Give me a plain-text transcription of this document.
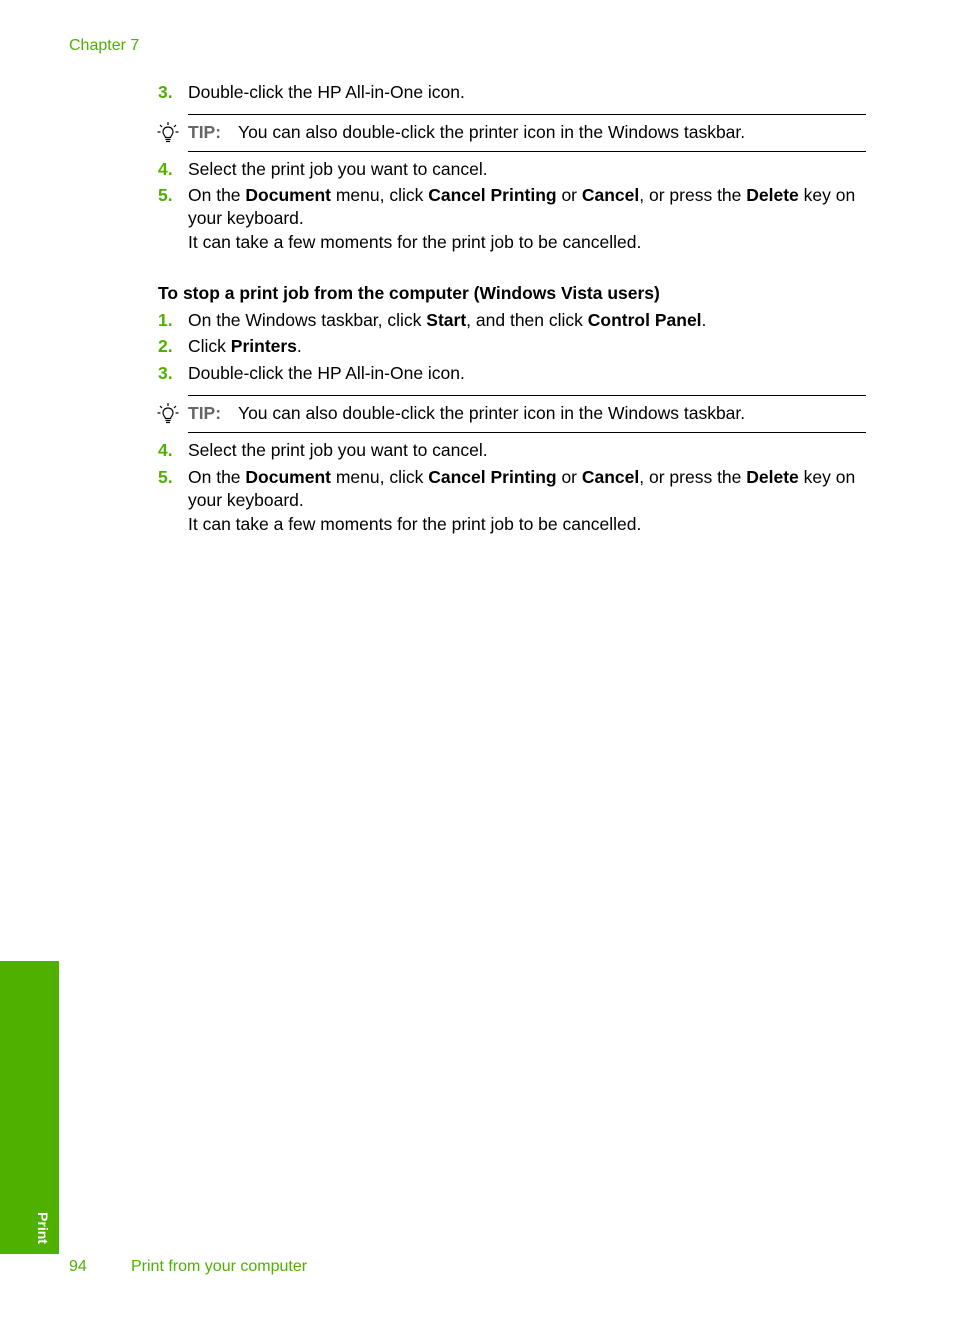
Chapter 7
3. Double-click the HP All-in-One icon.
TIP: You can also double-click the printer icon in the Windows taskbar.
4. Select the print job you want to cancel.
5. On the Document menu, click Cancel Printing or Cancel, or press the Delete key on your keyboard.
It can take a few moments for the print job to be cancelled.
To stop a print job from the computer (Windows Vista users)
1. On the Windows taskbar, click Start, and then click Control Panel.
2. Click Printers.
3. Double-click the HP All-in-One icon.
TIP: You can also double-click the printer icon in the Windows taskbar.
4. Select the print job you want to cancel.
5. On the Document menu, click Cancel Printing or Cancel, or press the Delete key on your keyboard.
It can take a few moments for the print job to be cancelled.
Print
94	Print from your computer
